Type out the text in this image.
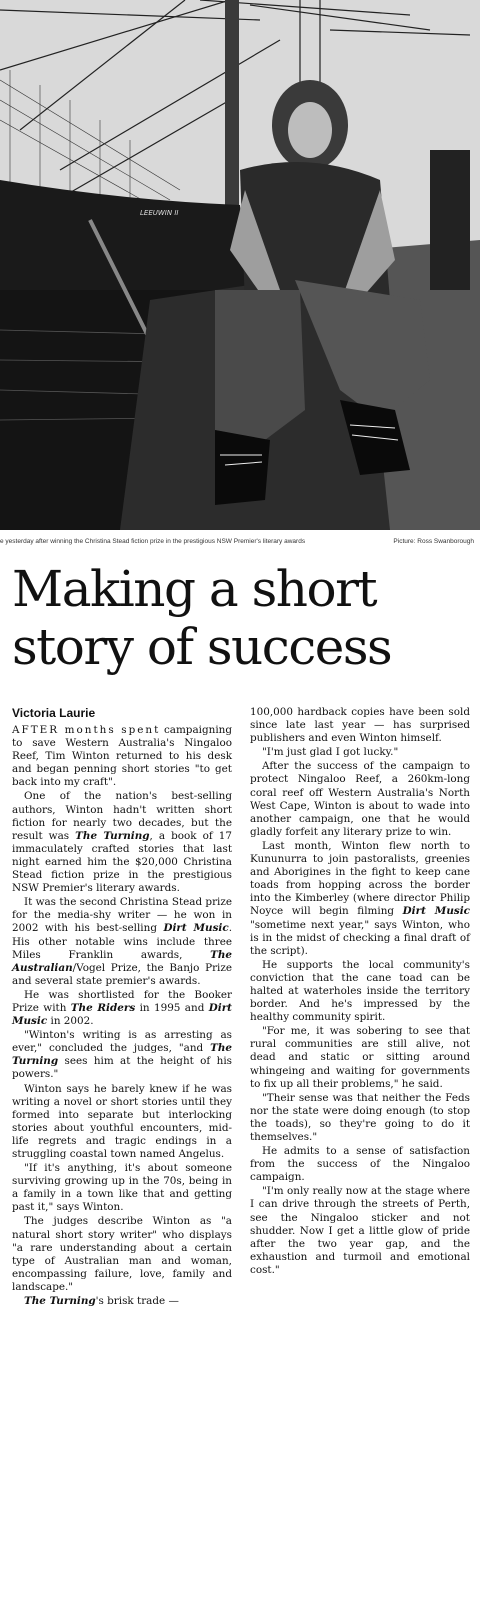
LEEUWIN II
e yesterday after winning the Christina Stead fiction prize in the prestigious NSW Premier's literary awards	Picture: Ross Swanborough
Making a short
story of success
Victoria Laurie

AFTER months spent campaigning to save Western Australia's Ningaloo Reef, Tim Winton returned to his desk and began penning short stories "to get back into my craft".

One of the nation's best-selling authors, Winton hadn't written short fiction for nearly two decades, but the result was The Turning, a book of 17 immaculately crafted stories that last night earned him the $20,000 Christina Stead fiction prize in the prestigious NSW Premier's literary awards.

It was the second Christina Stead prize for the media-shy writer — he won in 2002 with his best-selling Dirt Music. His other notable wins include three Miles Franklin awards, The Australian/Vogel Prize, the Banjo Prize and several state premier's awards.

He was shortlisted for the Booker Prize with The Riders in 1995 and Dirt Music in 2002.

"Winton's writing is as arresting as ever," concluded the judges, "and The Turning sees him at the height of his powers."

Winton says he barely knew if he was writing a novel or short stories until they formed into separate but interlocking stories about youthful encounters, mid-life regrets and tragic endings in a struggling coastal town named Angelus.

"If it's anything, it's about someone surviving growing up in the 70s, being in a family in a town like that and getting past it," says Winton.

The judges describe Winton as "a natural short story writer" who displays "a rare understanding about a certain type of Australian man and woman, encompassing failure, love, family and landscape."

The Turning's brisk trade —

100,000 hardback copies have been sold since late last year — has surprised publishers and even Winton himself.

"I'm just glad I got lucky."

After the success of the campaign to protect Ningaloo Reef, a 260km-long coral reef off Western Australia's North West Cape, Winton is about to wade into another campaign, one that he would gladly forfeit any literary prize to win.

Last month, Winton flew north to Kununurra to join pastoralists, greenies and Aborigines in the fight to keep cane toads from hopping across the border into the Kimberley (where director Philip Noyce will begin filming Dirt Music "sometime next year," says Winton, who is in the midst of checking a final draft of the script).

He supports the local community's conviction that the cane toad can be halted at waterholes inside the territory border. And he's impressed by the healthy community spirit.

"For me, it was sobering to see that rural communities are still alive, not dead and static or sitting around whingeing and waiting for governments to fix up all their problems," he said.

"Their sense was that neither the Feds nor the state were doing enough (to stop the toads), so they're going to do it themselves."

He admits to a sense of satisfaction from the success of the Ningaloo campaign.

"I'm only really now at the stage where I can drive through the streets of Perth, see the Ningaloo sticker and not shudder. Now I get a little glow of pride after the two year gap, and the exhaustion and turmoil and emotional cost."
